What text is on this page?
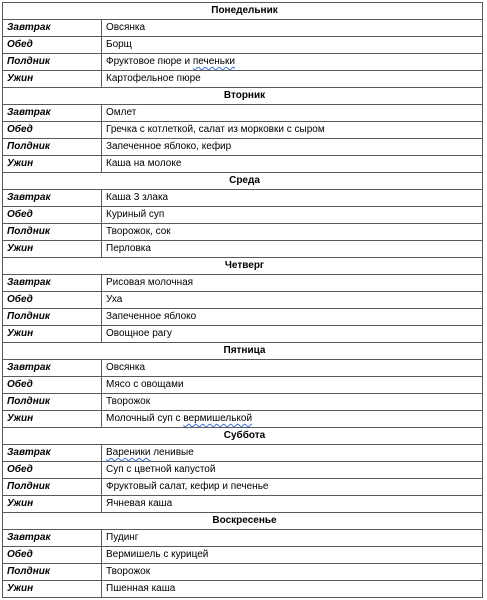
Понедельник	
Завтрак	Овсянка
Обед	Борщ
Полдник	Фруктовое пюре и печеньки
Ужин	Картофельное пюре
Вторник	
Завтрак	Омлет
Обед	Гречка с котлеткой, салат из морковки с сыром
Полдник	Запеченное яблоко, кефир
Ужин	Каша на молоке
Среда	
Завтрак	Каша 3 злака
Обед	Куриный суп
Полдник	Творожок, сок
Ужин	Перловка
Четверг	
Завтрак	Рисовая молочная
Обед	Уха
Полдник	Запеченное яблоко
Ужин	Овощное рагу
Пятница	
Завтрак	Овсянка
Обед	Мясо с овощами
Полдник	Творожок
Ужин	Молочный суп с вермишелькой
Суббота	
Завтрак	Вареники ленивые
Обед	Суп с цветной капустой
Полдник	Фруктовый салат, кефир и печенье
Ужин	Ячневая каша
Воскресенье	
Завтрак	Пудинг
Обед	Вермишель с курицей
Полдник	Творожок
Ужин	Пшенная каша
